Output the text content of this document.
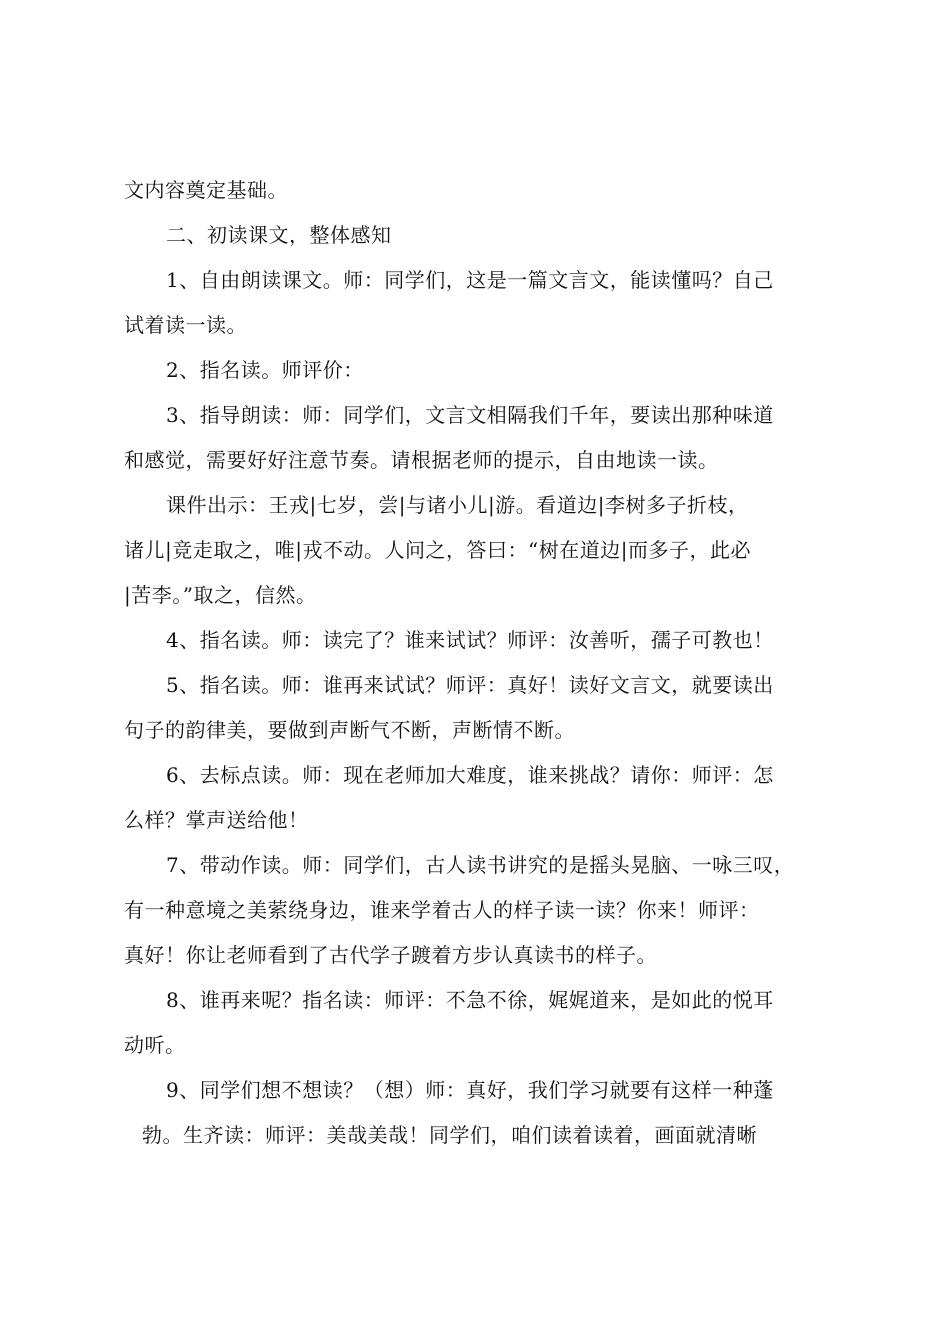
文内容奠定基础。

二、初读课文，整体感知

1、自由朗读课文。师：同学们，这是一篇文言文，能读懂吗？自己

试着读一读。

2、指名读。师评价：

3、指导朗读：师：同学们，文言文相隔我们千年，要读出那种味道

和感觉，需要好好注意节奏。请根据老师的提示，自由地读一读。

课件出示：王戎|七岁，尝|与诸小儿|游。看道边|李树多子折枝，

诸儿|竞走取之，唯|戎不动。人问之，答曰：“树在道边|而多子，此必

|苦李。”取之，信然。

4、指名读。师：读完了？谁来试试？师评：汝善听，孺子可教也！

5、指名读。师：谁再来试试？师评：真好！读好文言文，就要读出

句子的韵律美，要做到声断气不断，声断情不断。

6、去标点读。师：现在老师加大难度，谁来挑战？请你：师评：怎

么样？掌声送给他！

7、带动作读。师：同学们，古人读书讲究的是摇头晃脑、一咏三叹，

有一种意境之美萦绕身边，谁来学着古人的样子读一读？你来！师评：

真好！你让老师看到了古代学子踱着方步认真读书的样子。

8、谁再来呢？指名读：师评：不急不徐，娓娓道来，是如此的悦耳

动听。

9、同学们想不想读？（想）师：真好，我们学习就要有这样一种蓬

勃。生齐读：师评：美哉美哉！同学们，咱们读着读着，画面就清晰
